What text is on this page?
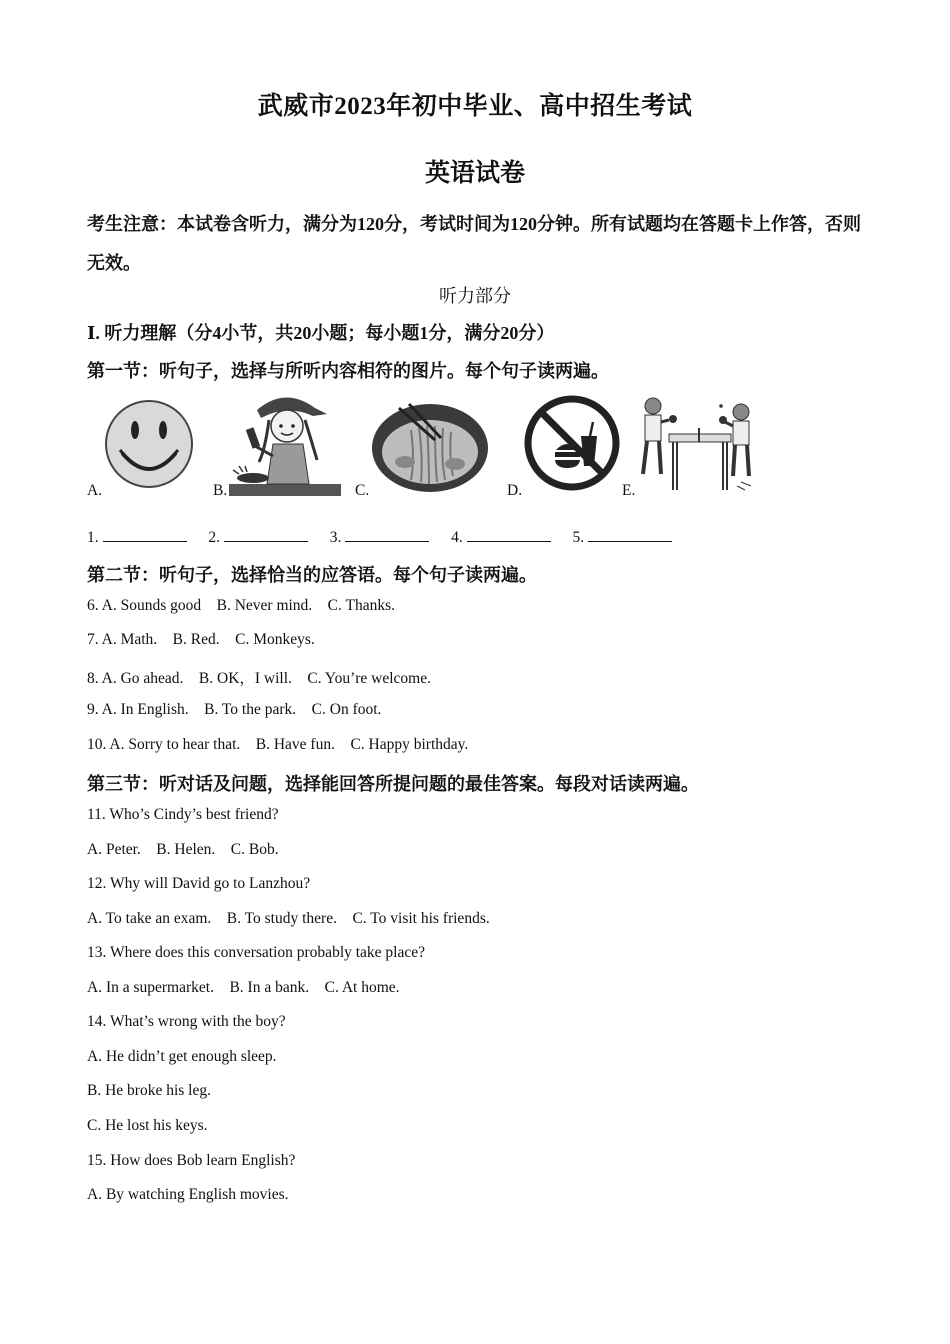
武威市2023年初中毕业、高中招生考试
英语试卷
考生注意：本试卷含听力，满分为120分，考试时间为120分钟。所有试题均在答题卡上作答，否则无效。
听力部分
Ⅰ. 听力理解（分4小节，共20小题；每小题1分，满分20分）
第一节：听句子，选择与所听内容相符的图片。每个句子读两遍。
A.	B.	C.	D.	E.
1.	2.	3.	4.	5.
第二节：听句子，选择恰当的应答语。每个句子读两遍。
6. A. Sounds good    B. Never mind.    C. Thanks.
7. A. Math.    B. Red.    C. Monkeys.
8. A. Go ahead.    B. OK，I will.    C. You’re welcome.
9. A. In English.    B. To the park.    C. On foot.
10. A. Sorry to hear that.    B. Have fun.    C. Happy birthday.
第三节：听对话及问题，选择能回答所提问题的最佳答案。每段对话读两遍。
11. Who’s Cindy’s best friend?
A. Peter.    B. Helen.    C. Bob.
12. Why will David go to Lanzhou?
A. To take an exam.    B. To study there.    C. To visit his friends.
13. Where does this conversation probably take place?
A. In a supermarket.    B. In a bank.    C. At home.
14. What’s wrong with the boy?
A. He didn’t get enough sleep.
B. He broke his leg.
C. He lost his keys.
15. How does Bob learn English?
A. By watching English movies.
